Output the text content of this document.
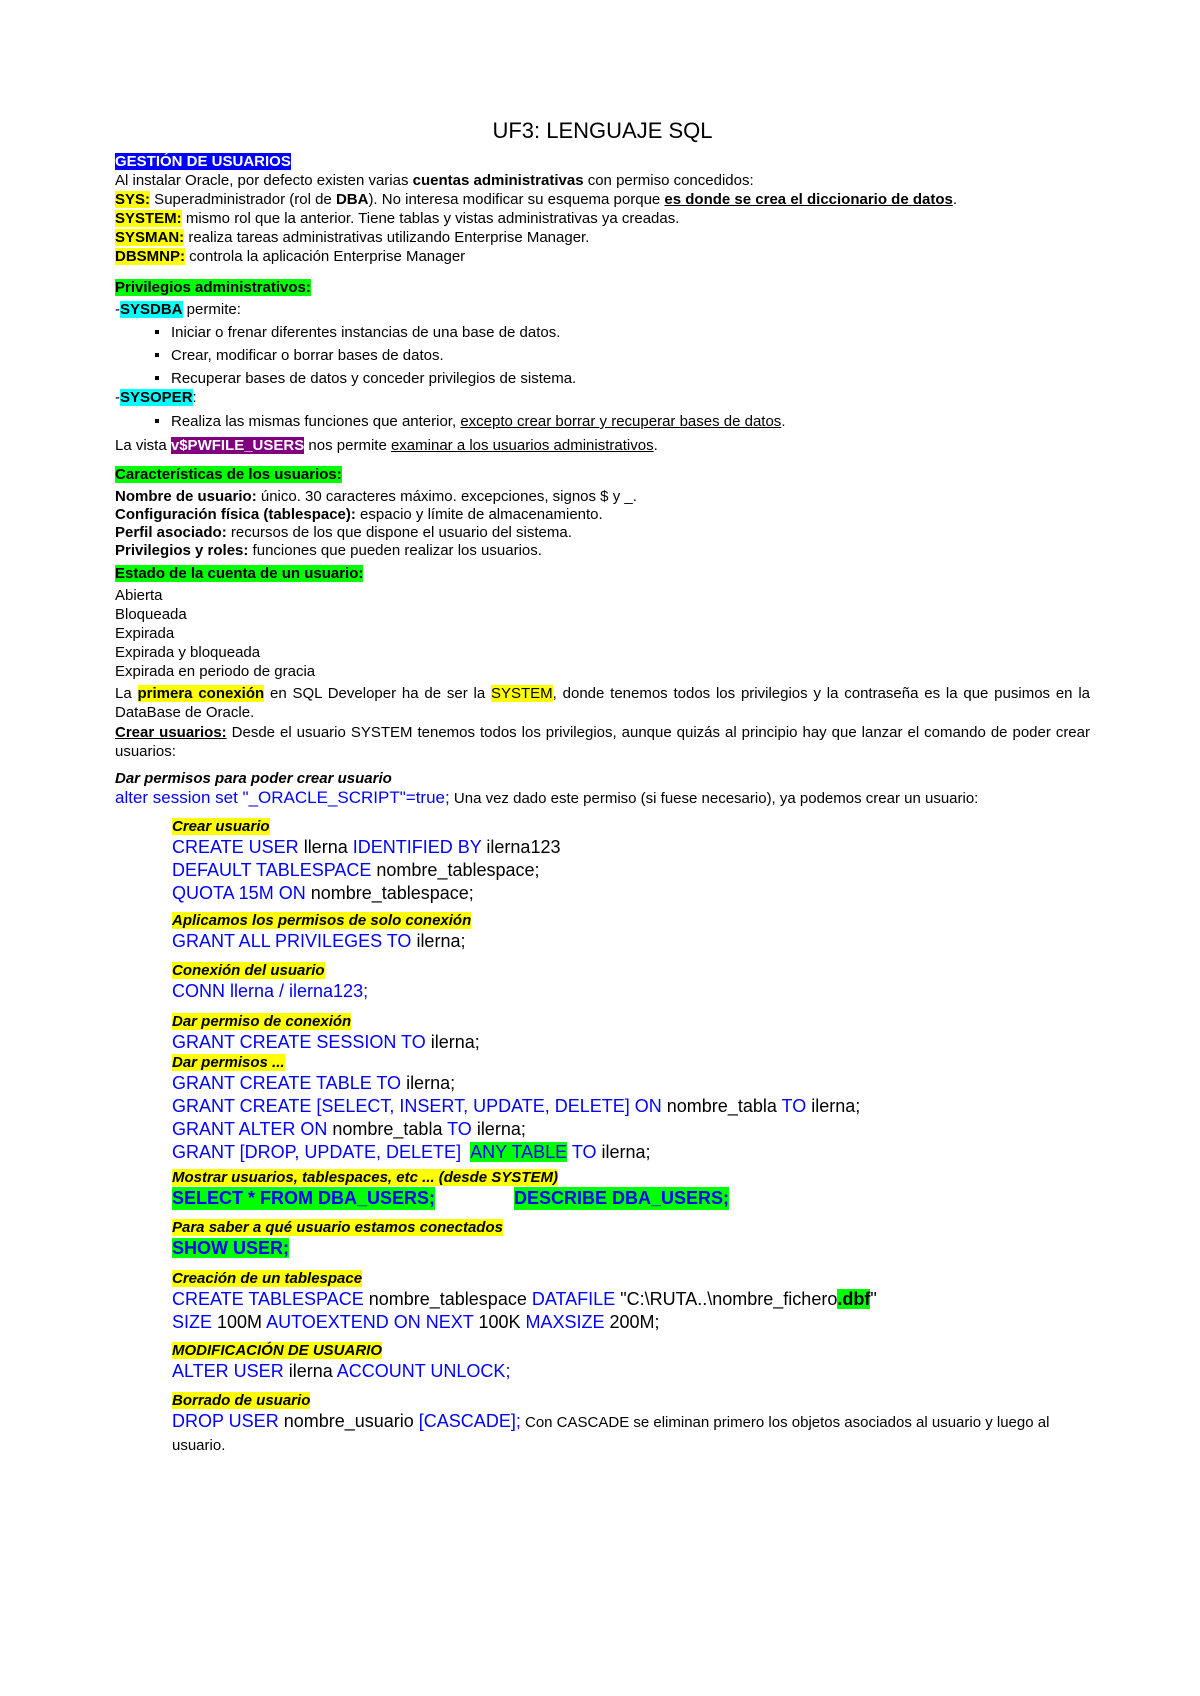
UF3: LENGUAJE SQL

GESTIÓN DE USUARIOS

Al instalar Oracle, por defecto existen varias cuentas administrativas con permiso concedidos:

SYS: Superadministrador (rol de DBA). No interesa modificar su esquema porque es donde se crea el diccionario de datos.

SYSTEM: mismo rol que la anterior. Tiene tablas y vistas administrativas ya creadas.

SYSMAN: realiza tareas administrativas utilizando Enterprise Manager.

DBSMNP: controla la aplicación Enterprise Manager

Privilegios administrativos:

-SYSDBA permite:

Iniciar o frenar diferentes instancias de una base de datos.
Crear, modificar o borrar bases de datos.
Recuperar bases de datos y conceder privilegios de sistema.

-SYSOPER:

Realiza las mismas funciones que anterior, excepto crear borrar y recuperar bases de datos.
La vista v$PWFILE_USERS nos permite examinar a los usuarios administrativos.

Características de los usuarios:

Nombre de usuario: único. 30 caracteres máximo. excepciones, signos $ y _.

Configuración física (tablespace): espacio y límite de almacenamiento.

Perfil asociado: recursos de los que dispone el usuario del sistema.

Privilegios y roles: funciones que pueden realizar los usuarios.

Estado de la cuenta de un usuario:

Abierta

Bloqueada

Expirada

Expirada y bloqueada

Expirada en periodo de gracia

La primera conexión en SQL Developer ha de ser la SYSTEM, donde tenemos todos los privilegios y la contraseña es la que pusimos en la DataBase de Oracle.
Crear usuarios: Desde el usuario SYSTEM tenemos todos los privilegios, aunque quizás al principio hay que lanzar el comando de poder crear usuarios:
Dar permisos para poder crear usuario
alter session set "_ORACLE_SCRIPT"=true; Una vez dado este permiso (si fuese necesario), ya podemos crear un usuario:

Crear usuario

CREATE USER llerna IDENTIFIED BY ilerna123

DEFAULT TABLESPACE nombre_tablespace;

QUOTA 15M ON nombre_tablespace;

Aplicamos los permisos de solo conexión

GRANT ALL PRIVILEGES TO ilerna;

Conexión del usuario

CONN llerna / ilerna123;

Dar permiso de conexión

GRANT CREATE SESSION TO ilerna;

Dar permisos ...

GRANT CREATE TABLE TO ilerna;

GRANT CREATE [SELECT, INSERT, UPDATE, DELETE] ON nombre_tabla TO ilerna;

GRANT ALTER ON nombre_tabla TO ilerna;

GRANT [DROP, UPDATE, DELETE]  ANY TABLE TO ilerna;

Mostrar usuarios, tablespaces, etc ... (desde SYSTEM)

SELECT * FROM DBA_USERS;	DESCRIBE DBA_USERS;

Para saber a qué usuario estamos conectados

SHOW USER;

Creación de un tablespace

CREATE TABLESPACE nombre_tablespace DATAFILE "C:\RUTA..\nombre_fichero.dbf"

SIZE 100M AUTOEXTEND ON NEXT 100K MAXSIZE 200M;

MODIFICACIÓN DE USUARIO

ALTER USER ilerna ACCOUNT UNLOCK;

Borrado de usuario

DROP USER nombre_usuario [CASCADE]; Con CASCADE se eliminan primero los objetos asociados al usuario y luego al usuario.
